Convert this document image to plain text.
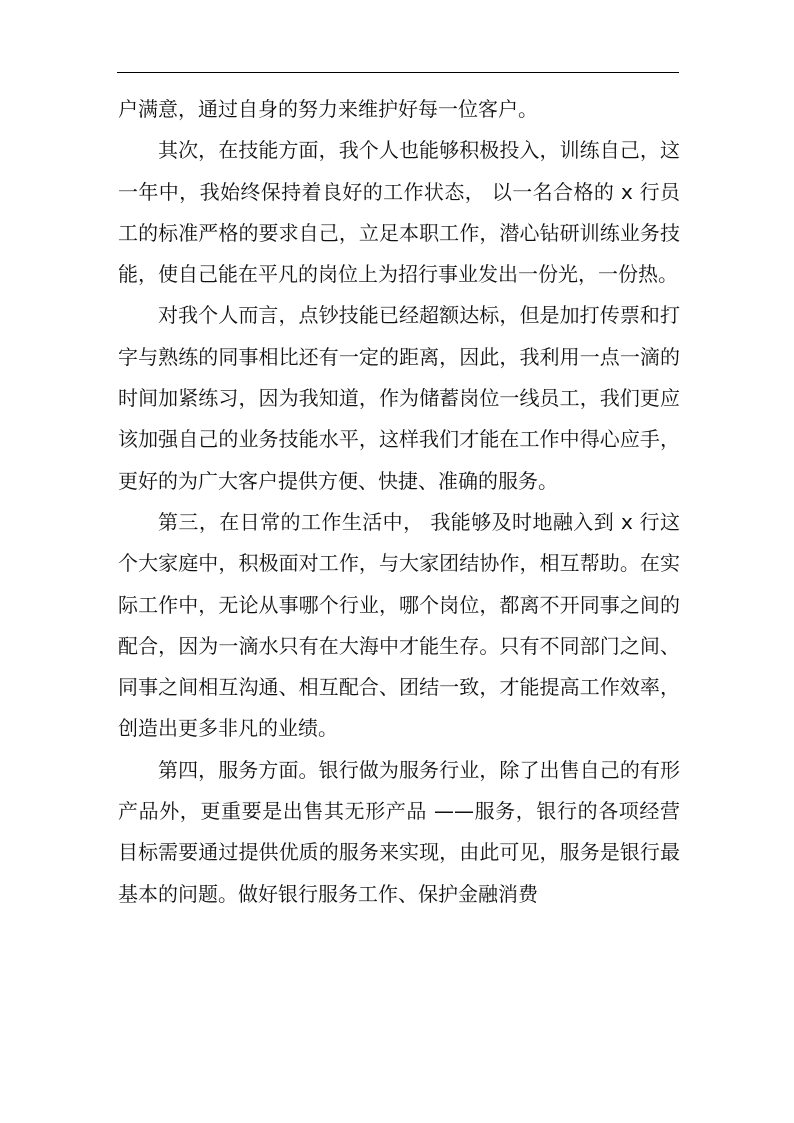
户满意，通过自身的努力来维护好每一位客户。

其次，在技能方面，我个人也能够积极投入，训练自己，这一年中，我始终保持着良好的工作状态， 以一名合格的 x 行员工的标准严格的要求自己，立足本职工作，潜心钻研训练业务技能，使自己能在平凡的岗位上为招行事业发出一份光，一份热。

对我个人而言，点钞技能已经超额达标，但是加打传票和打字与熟练的同事相比还有一定的距离，因此，我利用一点一滴的时间加紧练习，因为我知道，作为储蓄岗位一线员工，我们更应该加强自己的业务技能水平，这样我们才能在工作中得心应手，更好的为广大客户提供方便、快捷、准确的服务。

第三，在日常的工作生活中， 我能够及时地融入到 x 行这个大家庭中，积极面对工作，与大家团结协作，相互帮助。在实际工作中，无论从事哪个行业，哪个岗位，都离不开同事之间的配合，因为一滴水只有在大海中才能生存。只有不同部门之间、同事之间相互沟通、相互配合、团结一致，才能提高工作效率，创造出更多非凡的业绩。

第四，服务方面。银行做为服务行业，除了出售自己的有形产品外，更重要是出售其无形产品 ——服务，银行的各项经营目标需要通过提供优质的服务来实现，由此可见，服务是银行最基本的问题。做好银行服务工作、保护金融消费
